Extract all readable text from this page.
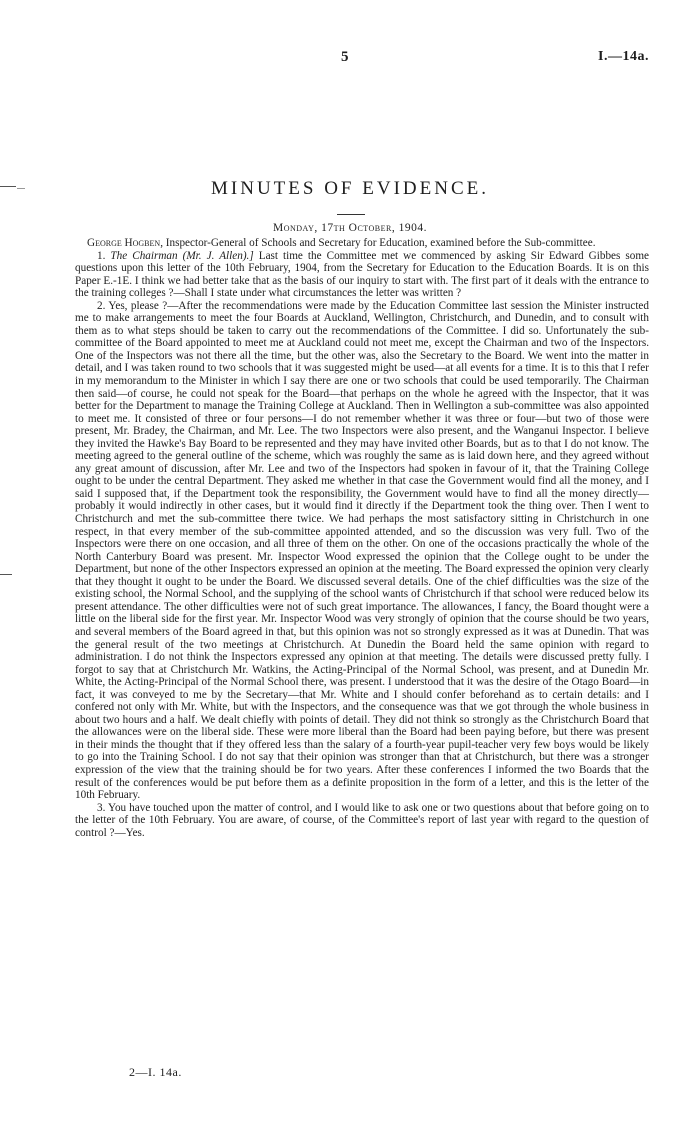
5	I.—14a.
MINUTES OF EVIDENCE.
Monday, 17th October, 1904.

George Hogben, Inspector-General of Schools and Secretary for Education, examined before the Sub-committee.

1. The Chairman (Mr. J. Allen).] Last time the Committee met we commenced by asking Sir Edward Gibbes some questions upon this letter of the 10th February, 1904, from the Secretary for Education to the Education Boards. It is on this Paper E.-1E. I think we had better take that as the basis of our inquiry to start with. The first part of it deals with the entrance to the training colleges ?—Shall I state under what circumstances the letter was written ?

2. Yes, please ?—After the recommendations were made by the Education Committee last session the Minister instructed me to make arrangements to meet the four Boards at Auckland, Wellington, Christchurch, and Dunedin, and to consult with them as to what steps should be taken to carry out the recommendations of the Committee. I did so. Unfortunately the sub-committee of the Board appointed to meet me at Auckland could not meet me, except the Chairman and two of the Inspectors. One of the Inspectors was not there all the time, but the other was, also the Secretary to the Board. We went into the matter in detail, and I was taken round to two schools that it was suggested might be used—at all events for a time. It is to this that I refer in my memorandum to the Minister in which I say there are one or two schools that could be used temporarily. The Chairman then said—of course, he could not speak for the Board—that perhaps on the whole he agreed with the Inspector, that it was better for the Department to manage the Training College at Auckland. Then in Wellington a sub-committee was also appointed to meet me. It consisted of three or four persons—I do not remember whether it was three or four—but two of those were present, Mr. Bradey, the Chairman, and Mr. Lee. The two Inspectors were also present, and the Wanganui Inspector. I believe they invited the Hawke's Bay Board to be represented and they may have invited other Boards, but as to that I do not know. The meeting agreed to the general outline of the scheme, which was roughly the same as is laid down here, and they agreed without any great amount of discussion, after Mr. Lee and two of the Inspectors had spoken in favour of it, that the Training College ought to be under the central Department. They asked me whether in that case the Government would find all the money, and I said I supposed that, if the Department took the responsibility, the Government would have to find all the money directly—probably it would indirectly in other cases, but it would find it directly if the Department took the thing over. Then I went to Christchurch and met the sub-committee there twice. We had perhaps the most satisfactory sitting in Christchurch in one respect, in that every member of the sub-committee appointed attended, and so the discussion was very full. Two of the Inspectors were there on one occasion, and all three of them on the other. On one of the occasions practically the whole of the North Canterbury Board was present. Mr. Inspector Wood expressed the opinion that the College ought to be under the Department, but none of the other Inspectors expressed an opinion at the meeting. The Board expressed the opinion very clearly that they thought it ought to be under the Board. We discussed several details. One of the chief difficulties was the size of the existing school, the Normal School, and the supplying of the school wants of Christchurch if that school were reduced below its present attendance. The other difficulties were not of such great importance. The allowances, I fancy, the Board thought were a little on the liberal side for the first year. Mr. Inspector Wood was very strongly of opinion that the course should be two years, and several members of the Board agreed in that, but this opinion was not so strongly expressed as it was at Dunedin. That was the general result of the two meetings at Christchurch. At Dunedin the Board held the same opinion with regard to administration. I do not think the Inspectors expressed any opinion at that meeting. The details were discussed pretty fully. I forgot to say that at Christchurch Mr. Watkins, the Acting-Principal of the Normal School, was present, and at Dunedin Mr. White, the Acting-Principal of the Normal School there, was present. I understood that it was the desire of the Otago Board—in fact, it was conveyed to me by the Secretary—that Mr. White and I should confer beforehand as to certain details: and I confered not only with Mr. White, but with the Inspectors, and the consequence was that we got through the whole business in about two hours and a half. We dealt chiefly with points of detail. They did not think so strongly as the Christchurch Board that the allowances were on the liberal side. These were more liberal than the Board had been paying before, but there was present in their minds the thought that if they offered less than the salary of a fourth-year pupil-teacher very few boys would be likely to go into the Training School. I do not say that their opinion was stronger than that at Christchurch, but there was a stronger expression of the view that the training should be for two years. After these conferences I informed the two Boards that the result of the conferences would be put before them as a definite proposition in the form of a letter, and this is the letter of the 10th February.

3. You have touched upon the matter of control, and I would like to ask one or two questions about that before going on to the letter of the 10th February. You are aware, of course, of the Committee's report of last year with regard to the question of control ?—Yes.

2—I. 14a.
